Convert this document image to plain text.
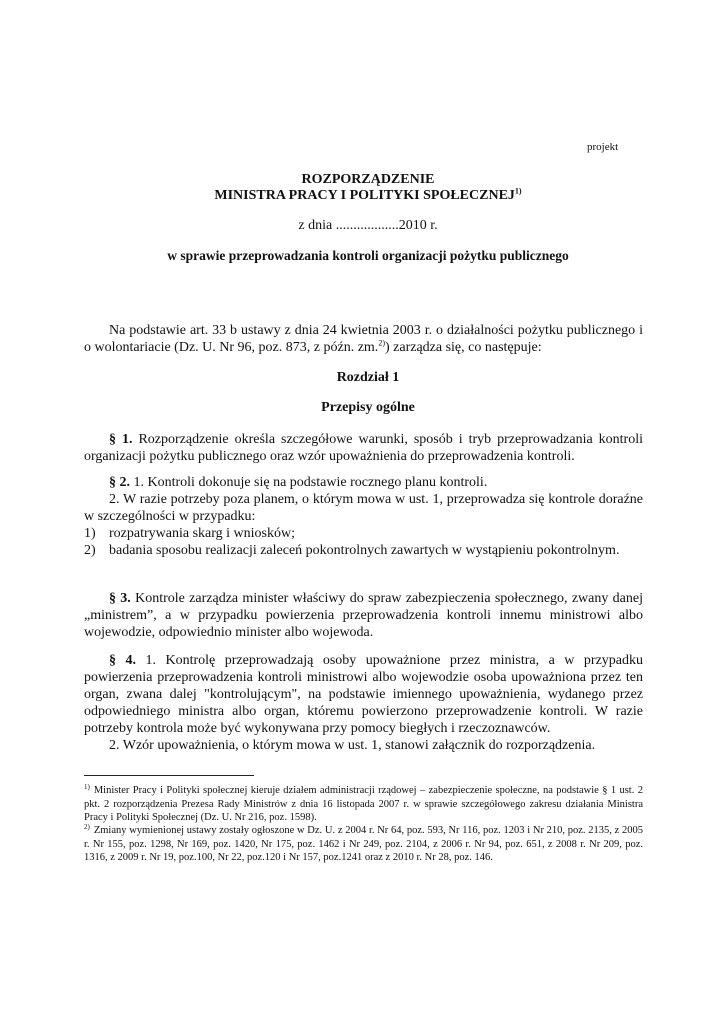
projekt
ROZPORZĄDZENIE
MINISTRA PRACY I POLITYKI SPOŁECZNEJ$^{1)}$
z dnia ..................2010 r.
w sprawie przeprowadzania kontroli organizacji pożytku publicznego
Na podstawie art. 33 b ustawy z dnia 24 kwietnia 2003 r. o działalności pożytku publicznego i o wolontariacie (Dz. U. Nr 96, poz. 873, z późn. zm.$^{2)}$) zarządza się, co następuje:
Rozdział 1
Przepisy ogólne
§ 1. Rozporządzenie określa szczegółowe warunki, sposób i tryb przeprowadzania kontroli organizacji pożytku publicznego oraz wzór upoważnienia do przeprowadzenia kontroli.
§ 2. 1. Kontroli dokonuje się na podstawie rocznego planu kontroli.
2. W razie potrzeby poza planem, o którym mowa w ust. 1, przeprowadza się kontrole doraźne w szczególności w przypadku:
1) rozpatrywania skarg i wniosków;
2) badania sposobu realizacji zaleceń pokontrolnych zawartych w wystąpieniu pokontrolnym.
§ 3. Kontrole zarządza minister właściwy do spraw zabezpieczenia społecznego, zwany danej „ministrem”, a w przypadku powierzenia przeprowadzenia kontroli innemu ministrowi albo wojewodzie, odpowiednio minister albo wojewoda.
§ 4. 1. Kontrolę przeprowadzają osoby upoważnione przez ministra, a w przypadku powierzenia przeprowadzenia kontroli ministrowi albo wojewodzie osoba upoważniona przez ten organ, zwana dalej "kontrolującym", na podstawie imiennego upoważnienia, wydanego przez odpowiedniego ministra albo organ, któremu powierzono przeprowadzenie kontroli. W razie potrzeby kontrola może być wykonywana przy pomocy biegłych i rzeczoznawców.
2. Wzór upoważnienia, o którym mowa w ust. 1, stanowi załącznik do rozporządzenia.
$^{1)}$ Minister Pracy i Polityki społecznej kieruje działem administracji rządowej – zabezpieczenie społeczne, na podstawie § 1 ust. 2 pkt. 2 rozporządzenia Prezesa Rady Ministrów z dnia 16 listopada 2007 r. w sprawie szczegółowego zakresu działania Ministra Pracy i Polityki Społecznej (Dz. U. Nr 216, poz. 1598).
$^{2)}$ Zmiany wymienionej ustawy zostały ogłoszone w Dz. U. z 2004 r. Nr 64, poz. 593, Nr 116, poz. 1203 i Nr 210, poz. 2135, z 2005 r. Nr 155, poz. 1298, Nr 169, poz. 1420, Nr 175, poz. 1462 i Nr 249, poz. 2104, z 2006 r. Nr 94, poz. 651, z 2008 r. Nr 209, poz. 1316, z 2009 r. Nr 19, poz.100, Nr 22, poz.120 i Nr 157, poz.1241 oraz z 2010 r. Nr 28, poz. 146.
